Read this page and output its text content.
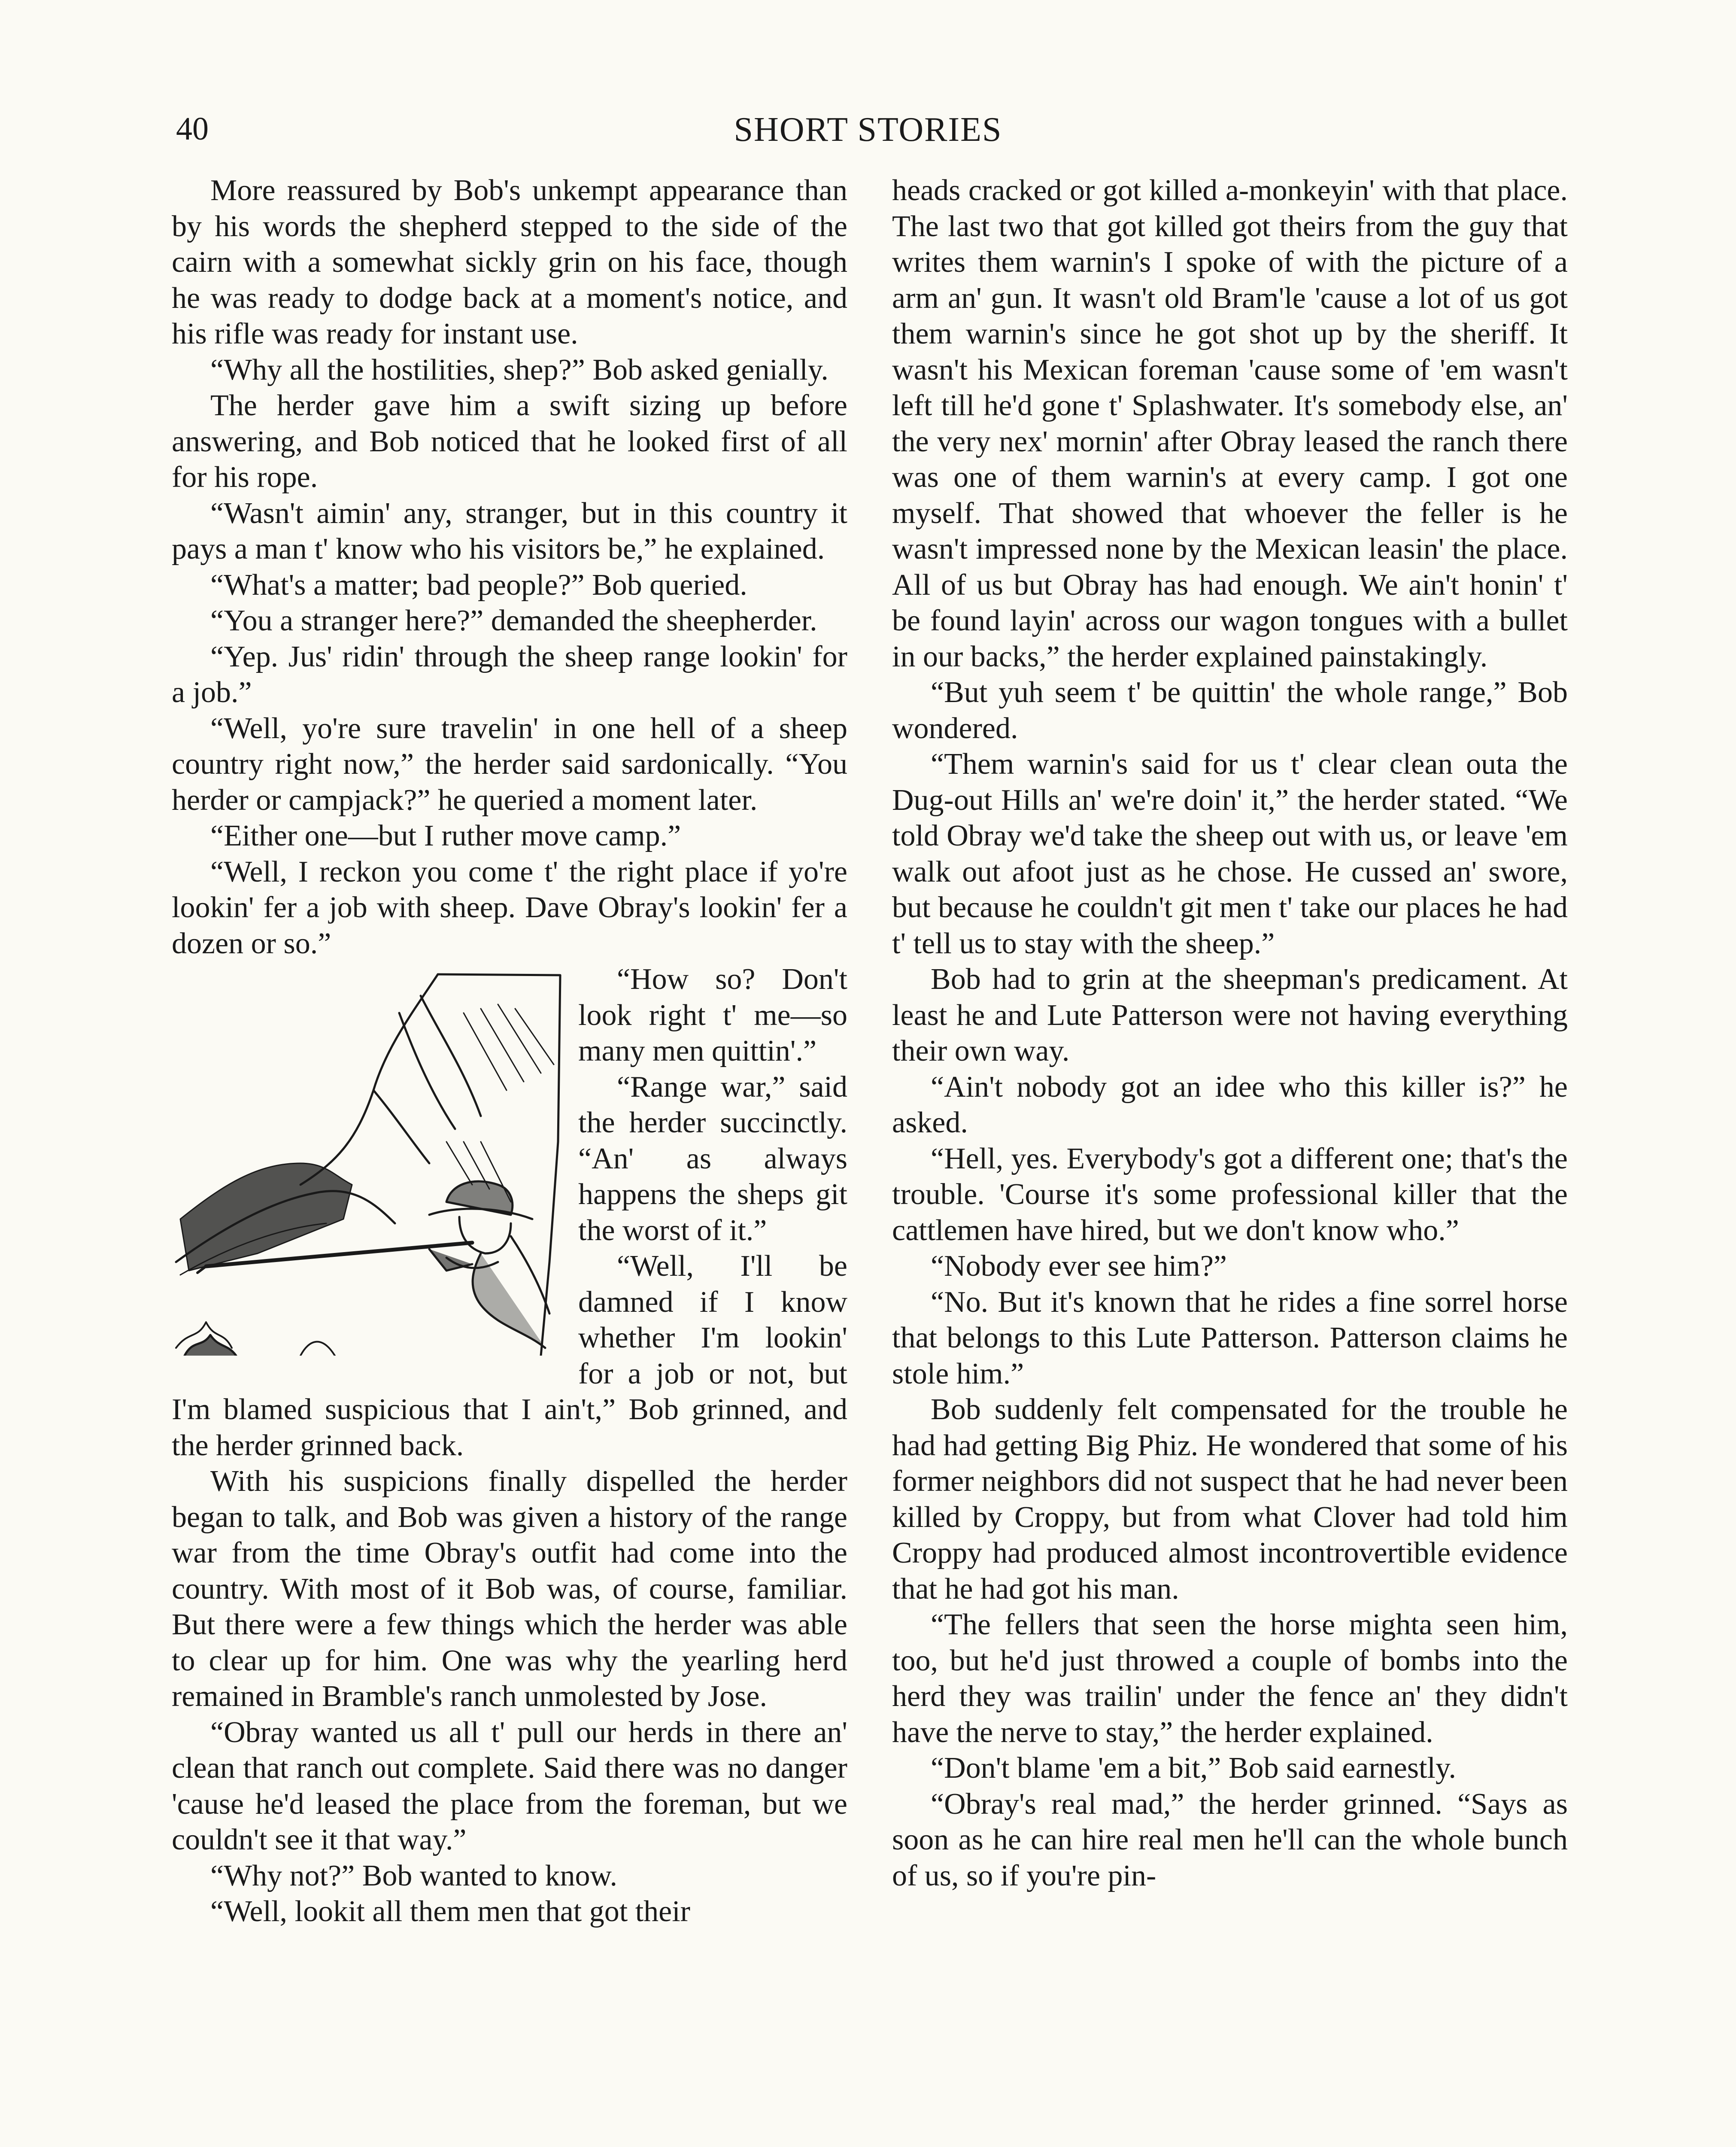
40	SHORT STORIES

More reassured by Bob's unkempt appearance than by his words the shepherd stepped to the side of the cairn with a somewhat sickly grin on his face, though he was ready to dodge back at a moment's notice, and his rifle was ready for instant use.

“Why all the hostilities, shep?” Bob asked genially.

The herder gave him a swift sizing up before answering, and Bob noticed that he looked first of all for his rope.

“Wasn't aimin' any, stranger, but in this country it pays a man t' know who his visitors be,” he explained.

“What's a matter; bad people?” Bob queried.

“You a stranger here?” demanded the sheepherder.

“Yep. Jus' ridin' through the sheep range lookin' for a job.”

“Well, yo're sure travelin' in one hell of a sheep country right now,” the herder said sardonically. “You herder or campjack?” he queried a moment later.

“Either one—but I ruther move camp.”

“Well, I reckon you come t' the right place if yo're lookin' fer a job with sheep. Dave Obray's lookin' fer a dozen or so.”

“How so? Don't look right t' me—so many men quittin'.”

“Range war,” said the herder succinctly. “An' as always happens the sheps git the worst of it.”

“Well, I'll be damned if I know whether I'm lookin' for a job or not, but I'm blamed suspicious that I ain't,” Bob grinned, and the herder grinned back.

With his suspicions finally dispelled the herder began to talk, and Bob was given a history of the range war from the time Obray's outfit had come into the country. With most of it Bob was, of course, familiar. But there were a few things which the herder was able to clear up for him. One was why the yearling herd remained in Bramble's ranch unmolested by Jose.

“Obray wanted us all t' pull our herds in there an' clean that ranch out complete. Said there was no danger 'cause he'd leased the place from the foreman, but we couldn't see it that way.”

“Why not?” Bob wanted to know.

“Well, lookit all them men that got their

heads cracked or got killed a-monkeyin' with that place. The last two that got killed got theirs from the guy that writes them warnin's I spoke of with the picture of a arm an' gun. It wasn't old Bram'le 'cause a lot of us got them warnin's since he got shot up by the sheriff. It wasn't his Mexican foreman 'cause some of 'em wasn't left till he'd gone t' Splashwater. It's somebody else, an' the very nex' mornin' after Obray leased the ranch there was one of them warnin's at every camp. I got one myself. That showed that whoever the feller is he wasn't impressed none by the Mexican leasin' the place. All of us but Obray has had enough. We ain't honin' t' be found layin' across our wagon tongues with a bullet in our backs,” the herder explained painstakingly.

“But yuh seem t' be quittin' the whole range,” Bob wondered.

“Them warnin's said for us t' clear clean outa the Dug-out Hills an' we're doin' it,” the herder stated. “We told Obray we'd take the sheep out with us, or leave 'em walk out afoot just as he chose. He cussed an' swore, but because he couldn't git men t' take our places he had t' tell us to stay with the sheep.”

Bob had to grin at the sheepman's predicament. At least he and Lute Patterson were not having everything their own way.

“Ain't nobody got an idee who this killer is?” he asked.

“Hell, yes. Everybody's got a different one; that's the trouble. 'Course it's some professional killer that the cattlemen have hired, but we don't know who.”

“Nobody ever see him?”

“No. But it's known that he rides a fine sorrel horse that belongs to this Lute Patterson. Patterson claims he stole him.”

Bob suddenly felt compensated for the trouble he had had getting Big Phiz. He wondered that some of his former neighbors did not suspect that he had never been killed by Croppy, but from what Clover had told him Croppy had produced almost incontrovertible evidence that he had got his man.

“The fellers that seen the horse mighta seen him, too, but he'd just throwed a couple of bombs into the herd they was trailin' under the fence an' they didn't have the nerve to stay,” the herder explained.

“Don't blame 'em a bit,” Bob said earnestly.

“Obray's real mad,” the herder grinned. “Says as soon as he can hire real men he'll can the whole bunch of us, so if you're pin-
